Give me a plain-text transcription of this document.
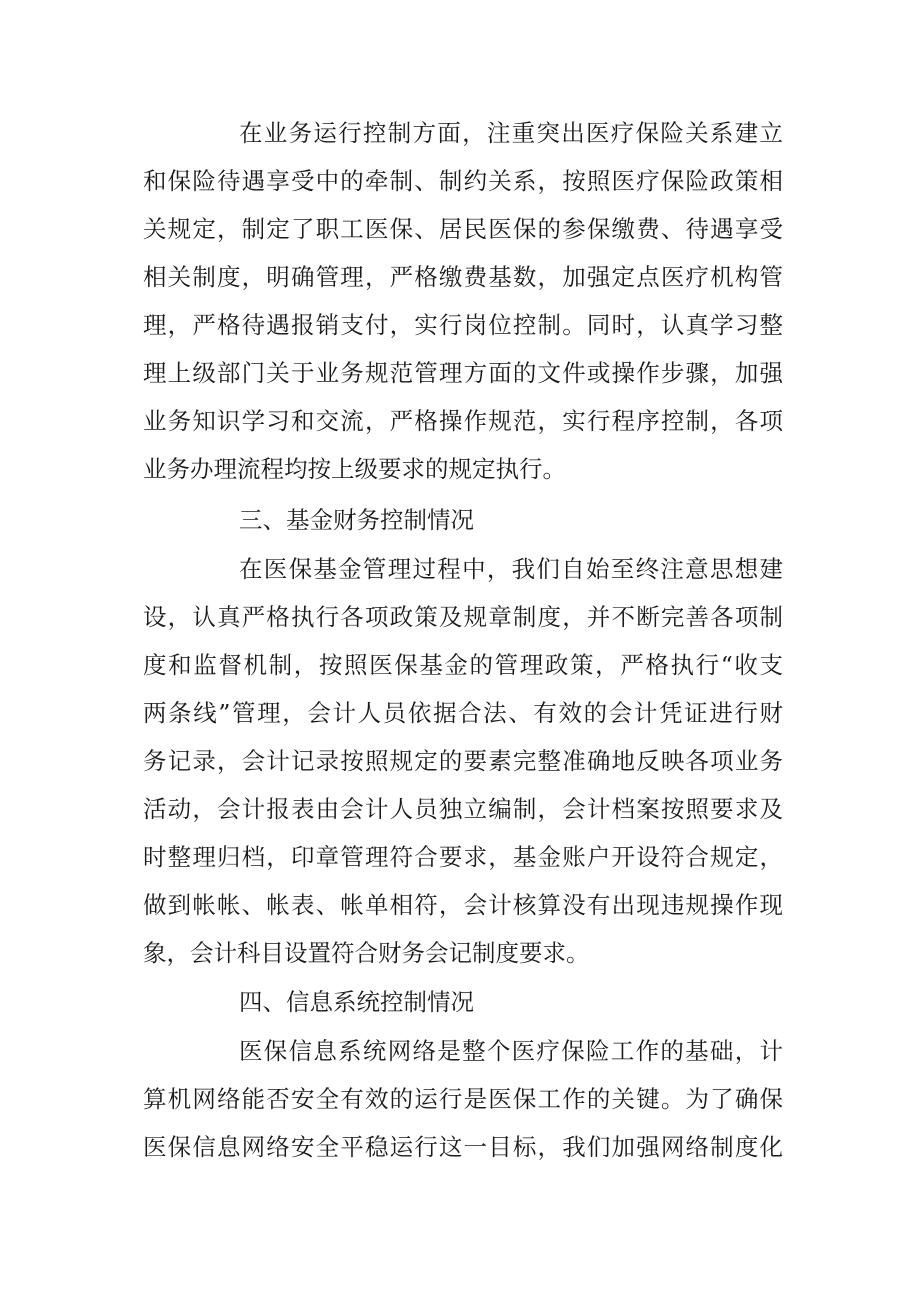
在业务运行控制方面，注重突出医疗保险关系建立
和保险待遇享受中的牵制、制约关系，按照医疗保险政策相
关规定，制定了职工医保、居民医保的参保缴费、待遇享受
相关制度，明确管理，严格缴费基数，加强定点医疗机构管
理，严格待遇报销支付，实行岗位控制。同时，认真学习整
理上级部门关于业务规范管理方面的文件或操作步骤，加强
业务知识学习和交流，严格操作规范，实行程序控制，各项
业务办理流程均按上级要求的规定执行。
三、基金财务控制情况
在医保基金管理过程中，我们自始至终注意思想建
设，认真严格执行各项政策及规章制度，并不断完善各项制
度和监督机制，按照医保基金的管理政策，严格执行“收支
两条线”管理，会计人员依据合法、有效的会计凭证进行财
务记录，会计记录按照规定的要素完整准确地反映各项业务
活动，会计报表由会计人员独立编制，会计档案按照要求及
时整理归档，印章管理符合要求，基金账户开设符合规定，
做到帐帐、帐表、帐单相符，会计核算没有出现违规操作现
象，会计科目设置符合财务会记制度要求。
四、信息系统控制情况
医保信息系统网络是整个医疗保险工作的基础，计
算机网络能否安全有效的运行是医保工作的关键。为了确保
医保信息网络安全平稳运行这一目标，我们加强网络制度化
